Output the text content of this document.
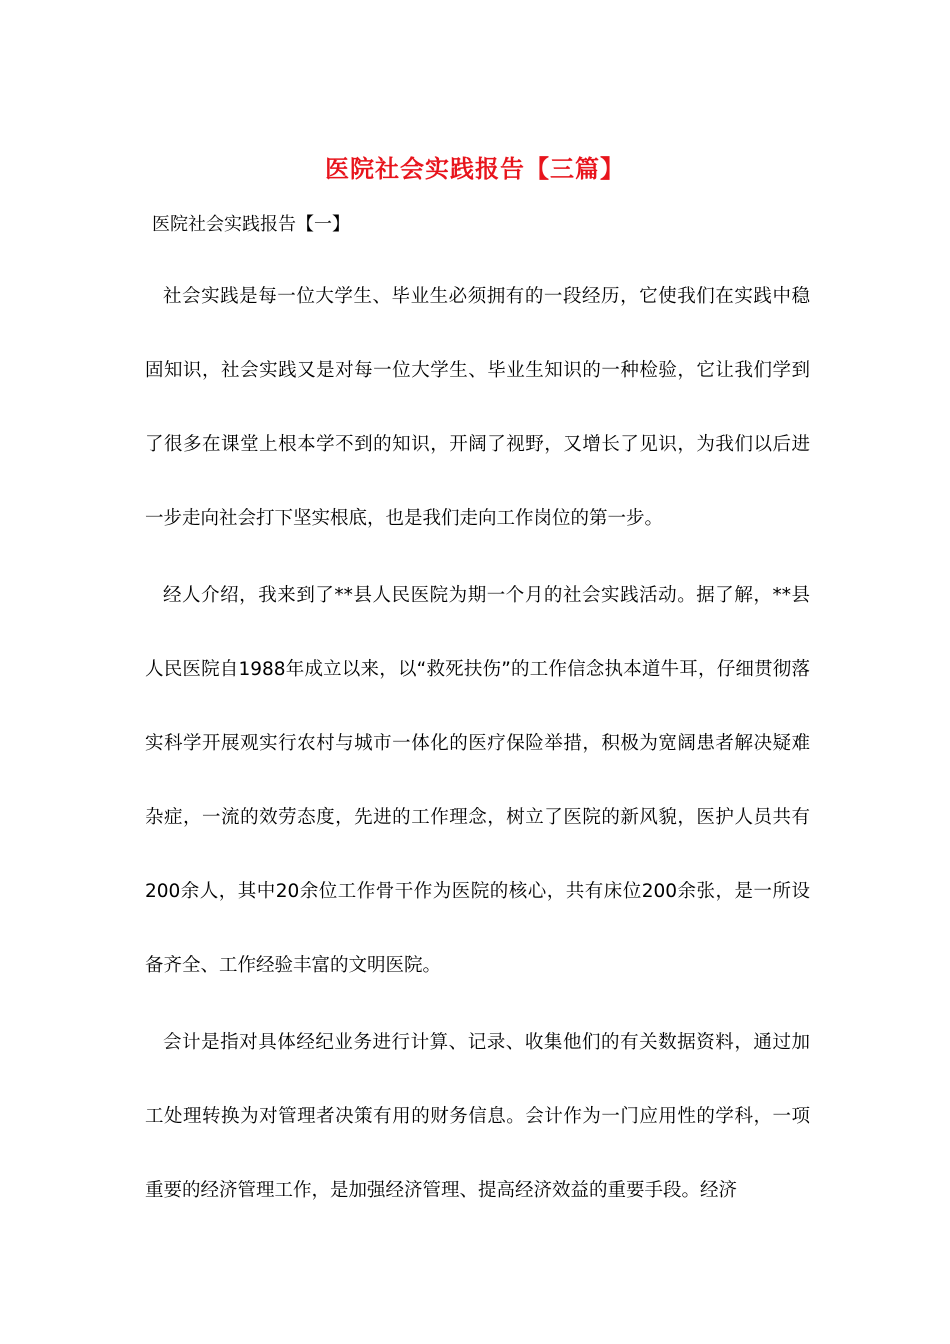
医院社会实践报告【三篇】
医院社会实践报告【一】

社会实践是每一位大学生、毕业生必须拥有的一段经历，它使我们在实践中稳固知识，社会实践又是对每一位大学生、毕业生知识的一种检验，它让我们学到了很多在课堂上根本学不到的知识，开阔了视野，又增长了见识，为我们以后进一步走向社会打下坚实根底，也是我们走向工作岗位的第一步。

经人介绍，我来到了**县人民医院为期一个月的社会实践活动。据了解，**县人民医院自1988年成立以来，以“救死扶伤”的工作信念执本道牛耳，仔细贯彻落实科学开展观实行农村与城市一体化的医疗保险举措，积极为宽阔患者解决疑难杂症，一流的效劳态度，先进的工作理念，树立了医院的新风貌，医护人员共有200余人，其中20余位工作骨干作为医院的核心，共有床位200余张，是一所设备齐全、工作经验丰富的文明医院。

会计是指对具体经纪业务进行计算、记录、收集他们的有关数据资料，通过加工处理转换为对管理者决策有用的财务信息。会计作为一门应用性的学科，一项重要的经济管理工作，是加强经济管理、提高经济效益的重要手段。经济
